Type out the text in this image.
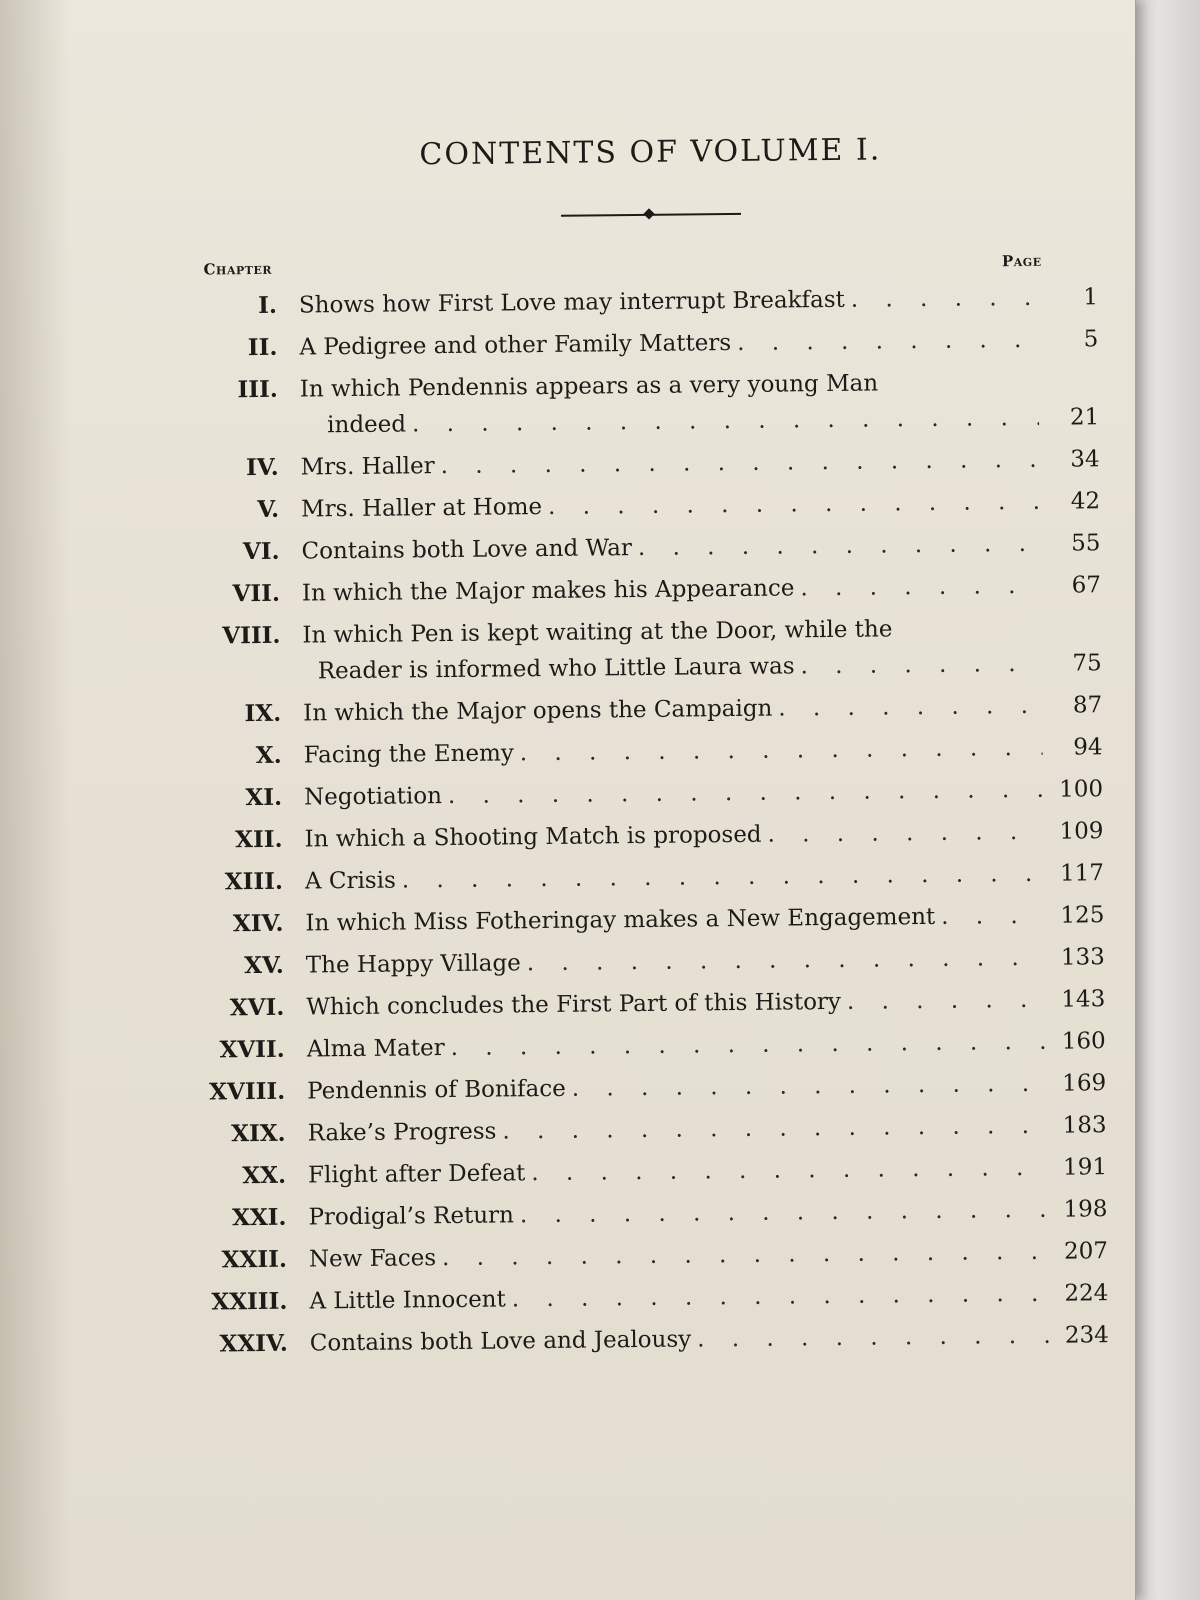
CONTENTS OF VOLUME I.
Chapter	Page
I. Shows how First Love may interrupt Breakfast . . .	1
II. A Pedigree and other Family Matters . . .	5
III. In which Pendennis appears as a very young Man
indeed . . .	21
IV. Mrs. Haller . . .	34
V. Mrs. Haller at Home . . .	42
VI. Contains both Love and War . . .	55
VII. In which the Major makes his Appearance . . .	67
VIII. In which Pen is kept waiting at the Door, while the
Reader is informed who Little Laura was . . .	75
IX. In which the Major opens the Campaign . . .	87
X. Facing the Enemy . . .	94
XI. Negotiation . . .	100
XII. In which a Shooting Match is proposed . . .	109
XIII. A Crisis . . .	117
XIV. In which Miss Fotheringay makes a New Engagement . . .	125
XV. The Happy Village . . .	133
XVI. Which concludes the First Part of this History . . .	143
XVII. Alma Mater . . .	160
XVIII. Pendennis of Boniface . . .	169
XIX. Rake’s Progress . . .	183
XX. Flight after Defeat . . .	191
XXI. Prodigal’s Return . . .	198
XXII. New Faces . . .	207
XXIII. A Little Innocent . . .	224
XXIV. Contains both Love and Jealousy . . .	234
